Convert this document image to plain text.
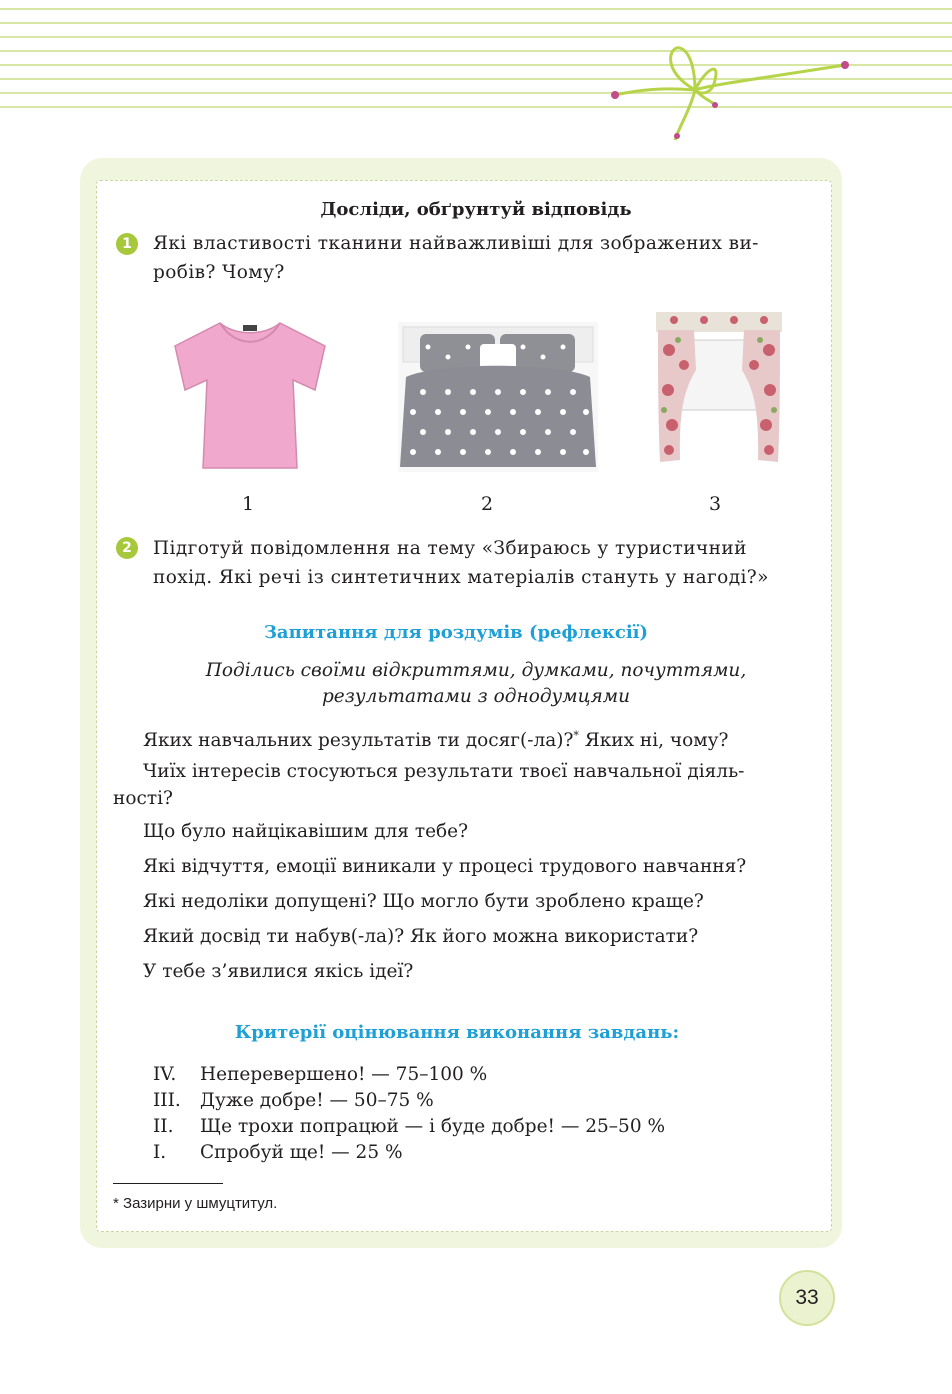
Досліди, обґрунтуй відповідь
1	Які властивості тканини найважливіші для зображених ви-
робів? Чому?
1	2	3
2	Підготуй повідомлення на тему «Збираюсь у туристичний
похід. Які речі із синтетичних матеріалів стануть у нагоді?»
Запитання для роздумів (рефлексії)
Поділись своїми відкриттями, думками, почуттями,
результатами з однодумцями
Яких навчальних результатів ти досяг(-ла)?* Яких ні, чому?
Чиїх інтересів стосуються результати твоєї навчальної діяль-
ності?
Що було найцікавішим для тебе?
Які відчуття, емоції виникали у процесі трудового навчання?
Які недоліки допущені? Що могло бути зроблено краще?
Який досвід ти набув(-ла)? Як його можна використати?
У тебе з’явилися якісь ідеї?
Критерії оцінювання виконання завдань:
IV. Неперевершено! — 75–100 %
III. Дуже добре! — 50–75 %
II. Ще трохи попрацюй — і буде добре! — 25–50 %
I. Спробуй ще! — 25 %
* Зазирни у шмуцтитул.
33
